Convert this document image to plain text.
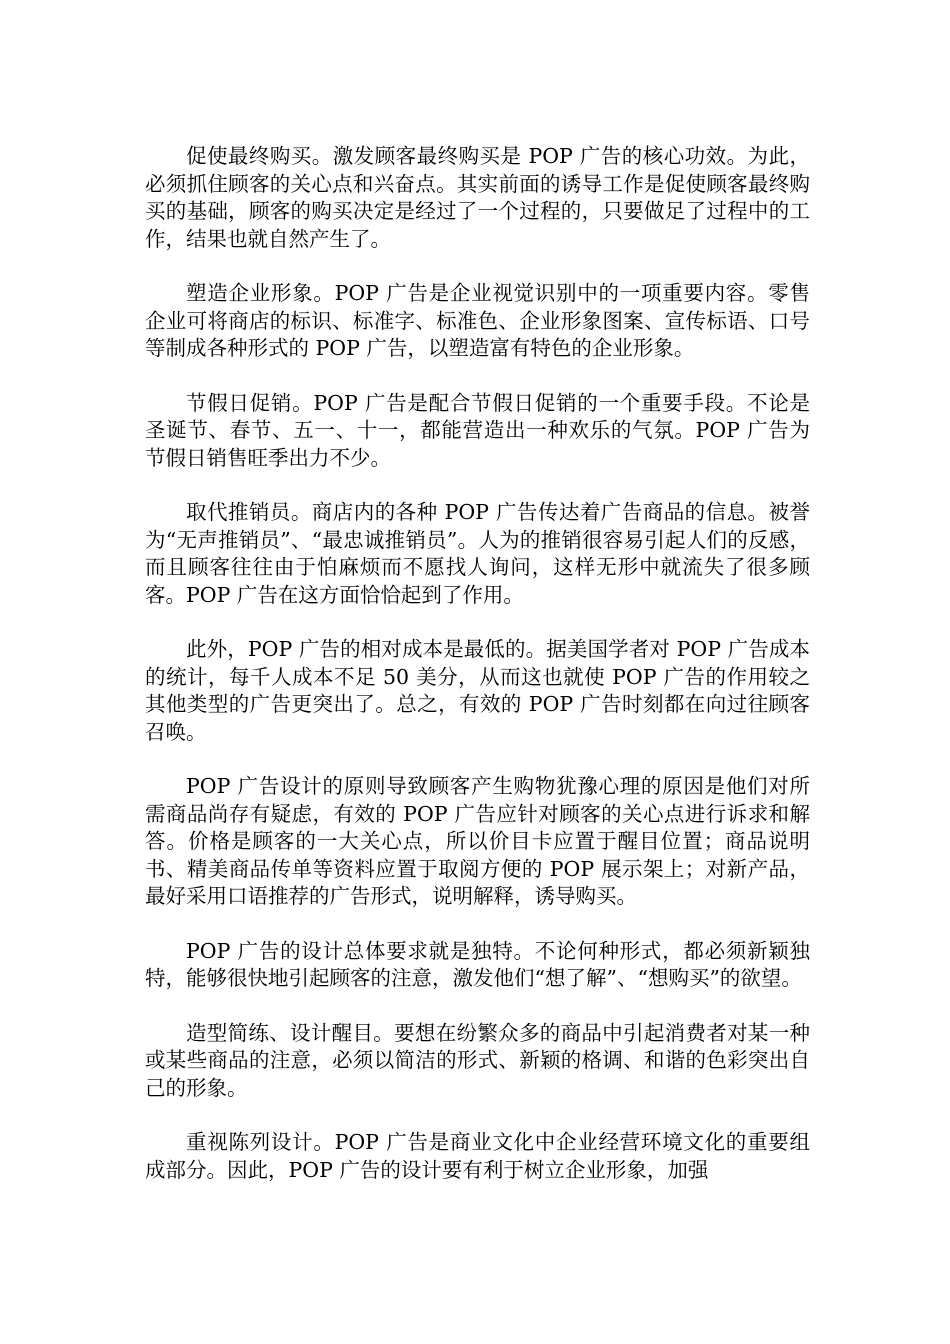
促使最终购买。激发顾客最终购买是 POP 广告的核心功效。为此，必须抓住顾客的关心点和兴奋点。其实前面的诱导工作是促使顾客最终购买的基础，顾客的购买决定是经过了一个过程的，只要做足了过程中的工作，结果也就自然产生了。

塑造企业形象。POP 广告是企业视觉识别中的一项重要内容。零售企业可将商店的标识、标准字、标准色、企业形象图案、宣传标语、口号等制成各种形式的 POP 广告，以塑造富有特色的企业形象。

节假日促销。POP 广告是配合节假日促销的一个重要手段。不论是圣诞节、春节、五一、十一，都能营造出一种欢乐的气氛。POP 广告为节假日销售旺季出力不少。

取代推销员。商店内的各种 POP 广告传达着广告商品的信息。被誉为“无声推销员”、“最忠诚推销员”。人为的推销很容易引起人们的反感，而且顾客往往由于怕麻烦而不愿找人询问，这样无形中就流失了很多顾客。POP 广告在这方面恰恰起到了作用。

此外，POP 广告的相对成本是最低的。据美国学者对 POP 广告成本的统计，每千人成本不足 50 美分，从而这也就使 POP 广告的作用较之其他类型的广告更突出了。总之，有效的 POP 广告时刻都在向过往顾客召唤。

POP 广告设计的原则导致顾客产生购物犹豫心理的原因是他们对所需商品尚存有疑虑，有效的 POP 广告应针对顾客的关心点进行诉求和解答。价格是顾客的一大关心点，所以价目卡应置于醒目位置；商品说明书、精美商品传单等资料应置于取阅方便的 POP 展示架上；对新产品，最好采用口语推荐的广告形式，说明解释，诱导购买。

POP 广告的设计总体要求就是独特。不论何种形式，都必须新颖独特，能够很快地引起顾客的注意，激发他们“想了解”、“想购买”的欲望。

造型简练、设计醒目。要想在纷繁众多的商品中引起消费者对某一种或某些商品的注意，必须以简洁的形式、新颖的格调、和谐的色彩突出自己的形象。

重视陈列设计。POP 广告是商业文化中企业经营环境文化的重要组成部分。因此，POP 广告的设计要有利于树立企业形象，加强
